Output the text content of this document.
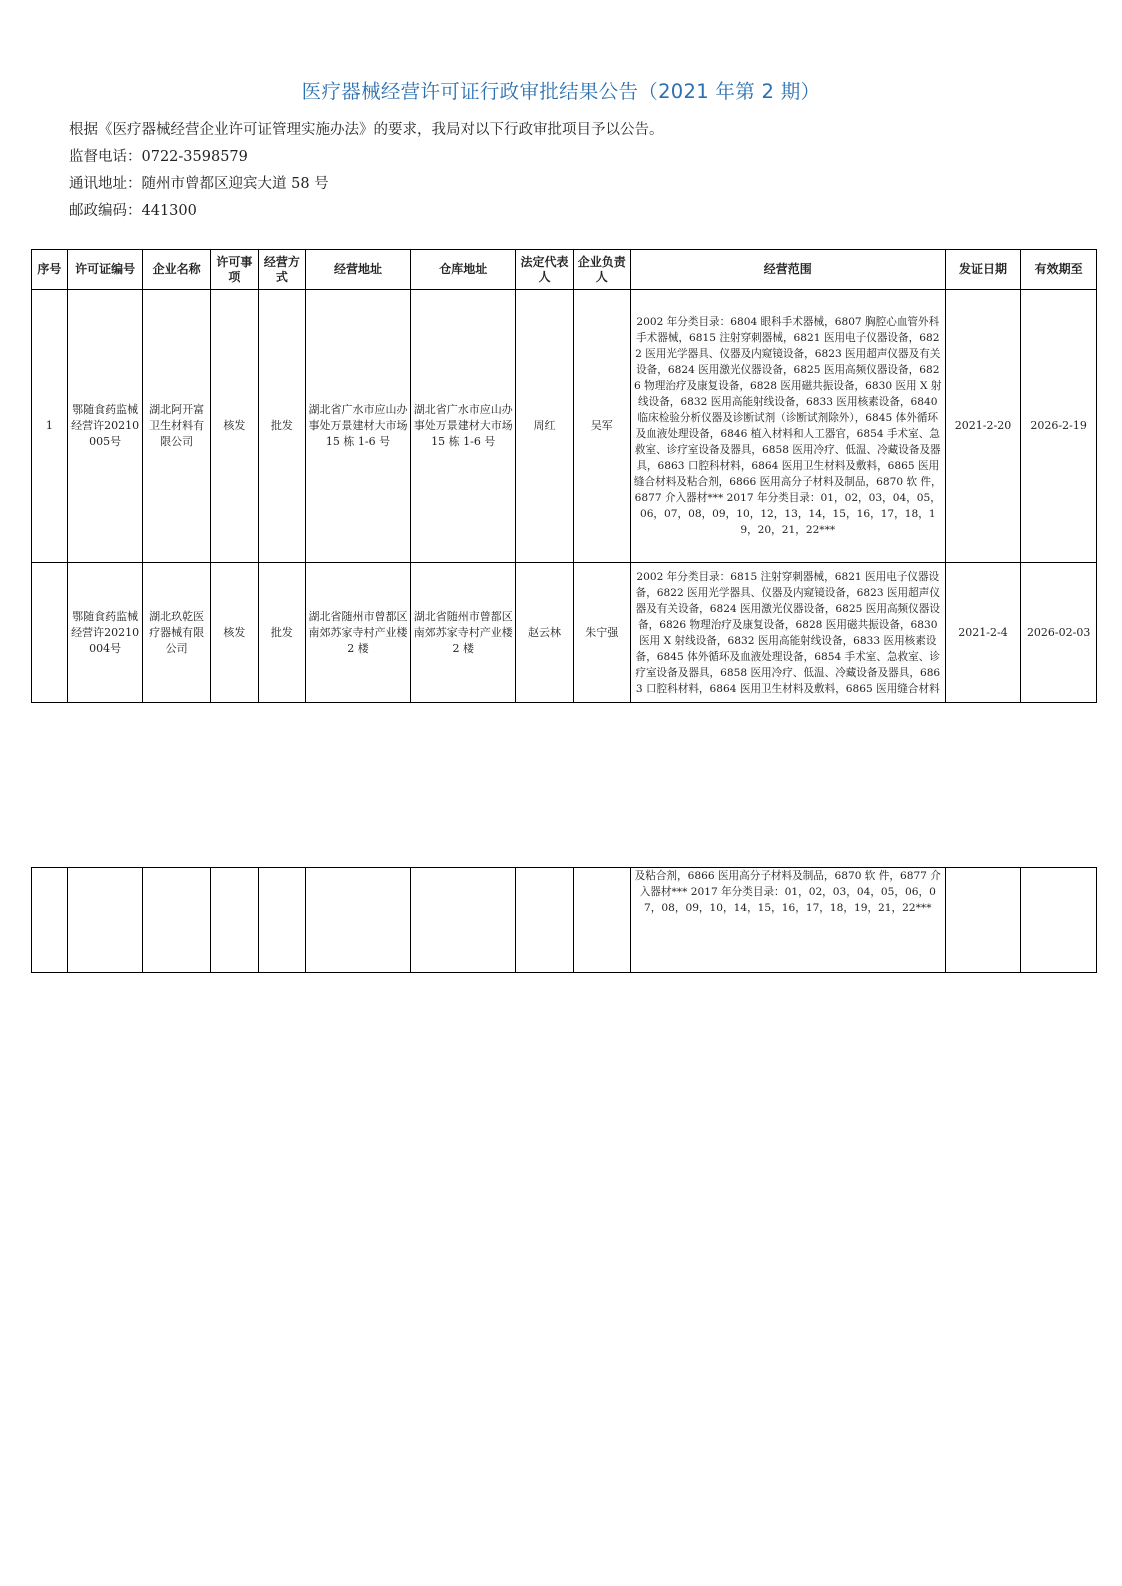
医疗器械经营许可证行政审批结果公告（2021 年第 2 期）
根据《医疗器械经营企业许可证管理实施办法》的要求，我局对以下行政审批项目予以公告。
监督电话：0722-3598579
通讯地址：随州市曾都区迎宾大道 58 号
邮政编码：441300
序号	许可证编号	企业名称	许可事项	经营方式	经营地址	仓库地址	法定代表人	企业负责人	经营范围	发证日期	有效期至
1	鄂随食药监械经营许20210005号	湖北阿开富卫生材料有限公司	核发	批发	湖北省广水市应山办事处万景建材大市场 15 栋 1-6 号	湖北省广水市应山办事处万景建材大市场 15 栋 1-6 号	周红	吴军	2002 年分类目录：6804 眼科手术器械，6807 胸腔心血管外科手术器械，6815 注射穿刺器械，6821 医用电子仪器设备，6822 医用光学器具、仪器及内窥镜设备，6823 医用超声仪器及有关设备，6824 医用激光仪器设备，6825 医用高频仪器设备，6826 物理治疗及康复设备，6828 医用磁共振设备，6830 医用 X 射线设备，6832 医用高能射线设备，6833 医用核素设备，6840 临床检验分析仪器及诊断试剂（诊断试剂除外），6845 体外循环及血液处理设备，6846 植入材料和人工器官，6854 手术室、急救室、诊疗室设备及器具，6858 医用冷疗、低温、冷藏设备及器具，6863 口腔科材料，6864 医用卫生材料及敷料，6865 医用缝合材料及粘合剂，6866 医用高分子材料及制品，6870 软 件，6877 介入器材*** 2017 年分类目录：01，02，03，04，05，06，07，08，09，10，12，13，14，15，16，17，18，19，20，21，22***	2021-2-20	2026-2-19
	鄂随食药监械经营许20210004号	湖北玖乾医疗器械有限公司	核发	批发	湖北省随州市曾都区南郊苏家寺村产业楼 2 楼	湖北省随州市曾都区南郊苏家寺村产业楼 2 楼	赵云林	朱宁强	2002 年分类目录：6815 注射穿刺器械，6821 医用电子仪器设备，6822 医用光学器具、仪器及内窥镜设备，6823 医用超声仪器及有关设备，6824 医用激光仪器设备，6825 医用高频仪器设备，6826 物理治疗及康复设备，6828 医用磁共振设备，6830 医用 X 射线设备，6832 医用高能射线设备，6833 医用核素设备，6845 体外循环及血液处理设备，6854 手术室、急救室、诊疗室设备及器具，6858 医用冷疗、低温、冷藏设备及器具，6863 口腔科材料，6864 医用卫生材料及敷料，6865 医用缝合材料	2021-2-4	2026-02-03
									及粘合剂，6866 医用高分子材料及制品，6870 软 件，6877 介入器材*** 2017 年分类目录：01，02，03，04，05，06，07，08，09，10，14，15，16，17，18，19，21，22***		
